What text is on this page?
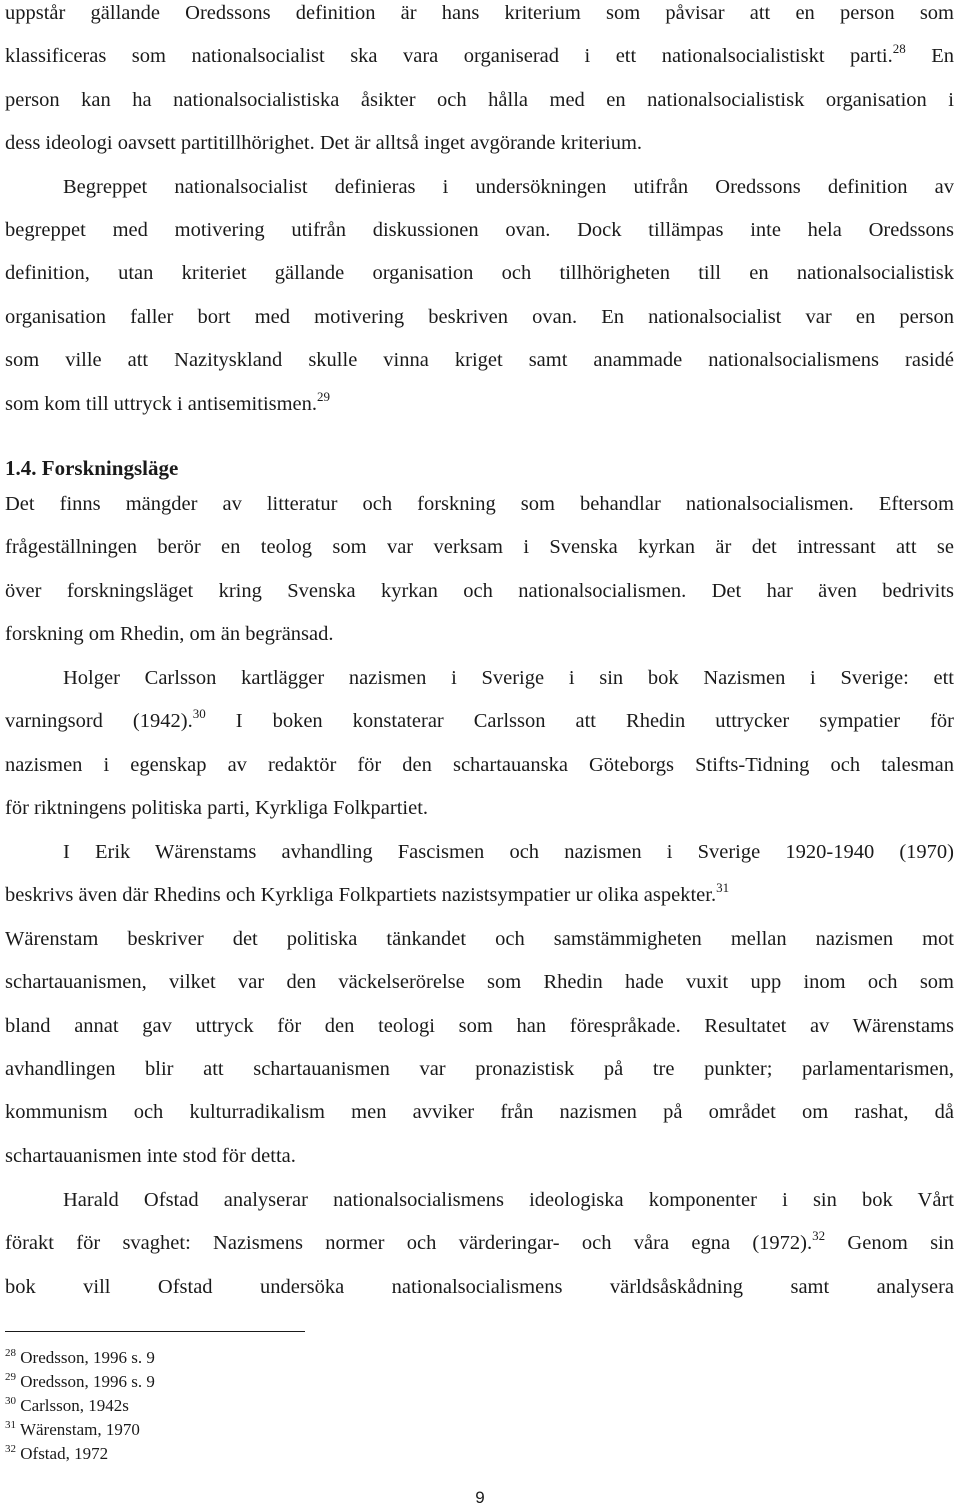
uppstår gällande Oredssons definition är hans kriterium som påvisar att en person som
klassificeras som nationalsocialist ska vara organiserad i ett nationalsocialistiskt parti.$^{28}$ En
person kan ha nationalsocialistiska åsikter och hålla med en nationalsocialistisk organisation i
dess ideologi oavsett partitillhörighet. Det är alltså inget avgörande kriterium.
Begreppet nationalsocialist definieras i undersökningen utifrån Oredssons definition av
begreppet med motivering utifrån diskussionen ovan. Dock tillämpas inte hela Oredssons
definition, utan kriteriet gällande organisation och tillhörigheten till en nationalsocialistisk
organisation faller bort med motivering beskriven ovan. En nationalsocialist var en person
som ville att Nazityskland skulle vinna kriget samt anammade nationalsocialismens rasidé
som kom till uttryck i antisemitismen.$^{29}$
1.4. Forskningsläge
Det finns mängder av litteratur och forskning som behandlar nationalsocialismen. Eftersom
frågeställningen berör en teolog som var verksam i Svenska kyrkan är det intressant att se
över forskningsläget kring Svenska kyrkan och nationalsocialismen. Det har även bedrivits
forskning om Rhedin, om än begränsad.
Holger Carlsson kartlägger nazismen i Sverige i sin bok Nazismen i Sverige: ett
varningsord (1942).$^{30}$ I boken konstaterar Carlsson att Rhedin uttrycker sympatier för
nazismen i egenskap av redaktör för den schartauanska Göteborgs Stifts-Tidning och talesman
för riktningens politiska parti, Kyrkliga Folkpartiet.
I Erik Wärenstams avhandling Fascismen och nazismen i Sverige 1920-1940 (1970)
beskrivs även där Rhedins och Kyrkliga Folkpartiets nazistsympatier ur olika aspekter.$^{31}$
Wärenstam beskriver det politiska tänkandet och samstämmigheten mellan nazismen mot
schartauanismen, vilket var den väckelserörelse som Rhedin hade vuxit upp inom och som
bland annat gav uttryck för den teologi som han förespråkade. Resultatet av Wärenstams
avhandlingen blir att schartauanismen var pronazistisk på tre punkter; parlamentarismen,
kommunism och kulturradikalism men avviker från nazismen på området om rashat, då
schartauanismen inte stod för detta.
Harald Ofstad analyserar nationalsocialismens ideologiska komponenter i sin bok Vårt
förakt för svaghet: Nazismens normer och värderingar- och våra egna (1972).$^{32}$ Genom sin
bok vill Ofstad undersöka nationalsocialismens världsåskådning samt analysera
$^{28}$ Oredsson, 1996 s. 9
$^{29}$ Oredsson, 1996 s. 9
$^{30}$ Carlsson, 1942s
$^{31}$ Wärenstam, 1970
$^{32}$ Ofstad, 1972
9
